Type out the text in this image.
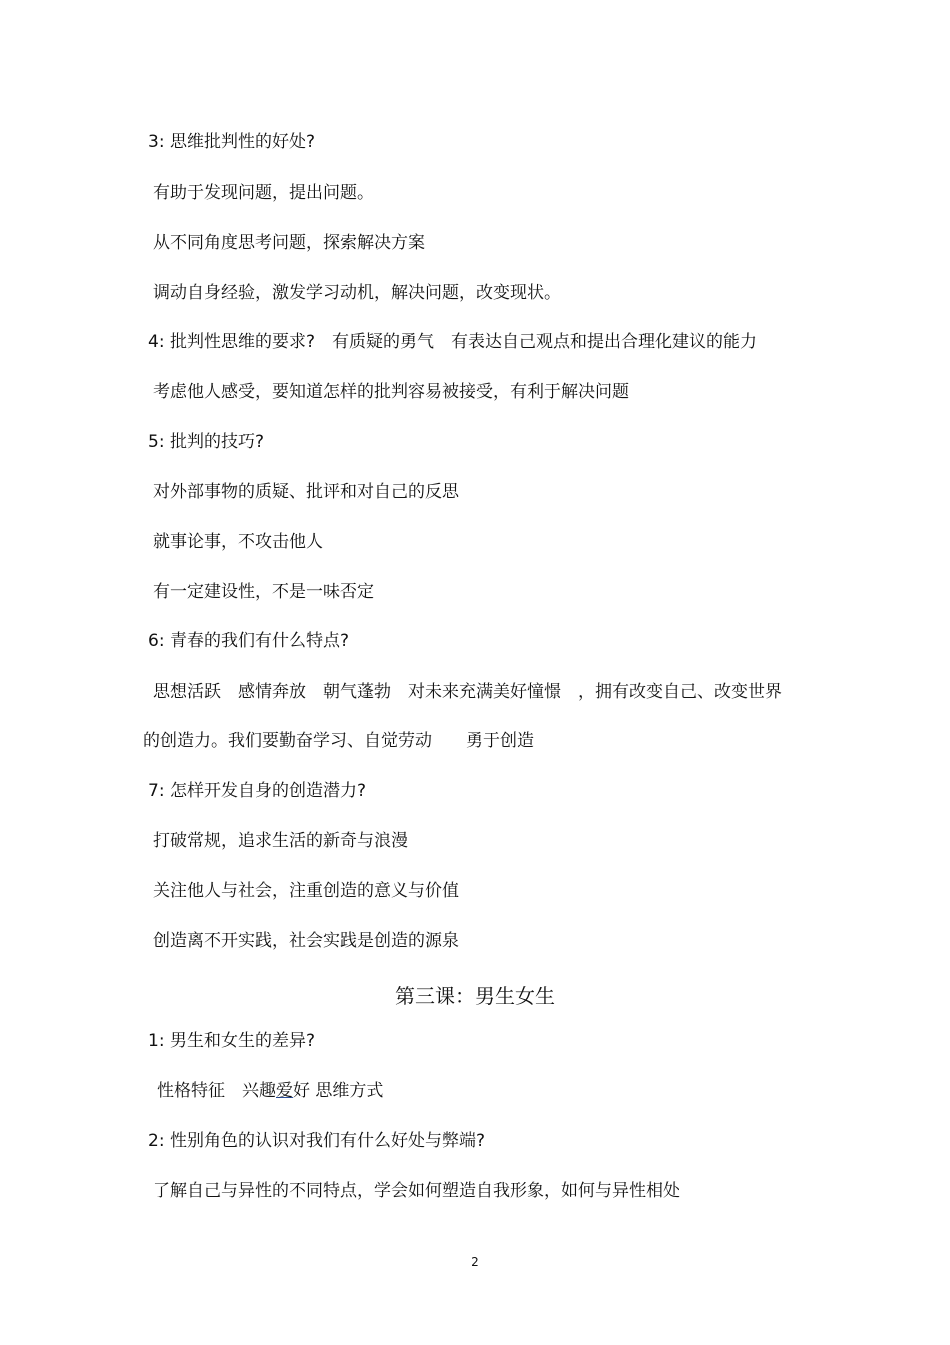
3: 思维批判性的好处?
有助于发现问题，提出问题。
从不同角度思考问题，探索解决方案
调动自身经验，激发学习动机，解决问题，改变现状。
4: 批判性思维的要求?　有质疑的勇气　有表达自己观点和提出合理化建议的能力
考虑他人感受，要知道怎样的批判容易被接受，有利于解决问题
5: 批判的技巧?
对外部事物的质疑、批评和对自己的反思
就事论事，不攻击他人
有一定建设性，不是一味否定
6: 青春的我们有什么特点?
思想活跃　感情奔放　朝气蓬勃　对未来充满美好憧憬　，拥有改变自己、改变世界
的创造力。我们要勤奋学习、自觉劳动　　勇于创造
7: 怎样开发自身的创造潜力?
打破常规，追求生活的新奇与浪漫
关注他人与社会，注重创造的意义与价值
创造离不开实践，社会实践是创造的源泉
第三课：男生女生
1: 男生和女生的差异?
性格特征　兴趣爱好 思维方式
2: 性别角色的认识对我们有什么好处与弊端?
了解自己与异性的不同特点，学会如何塑造自我形象，如何与异性相处
2
